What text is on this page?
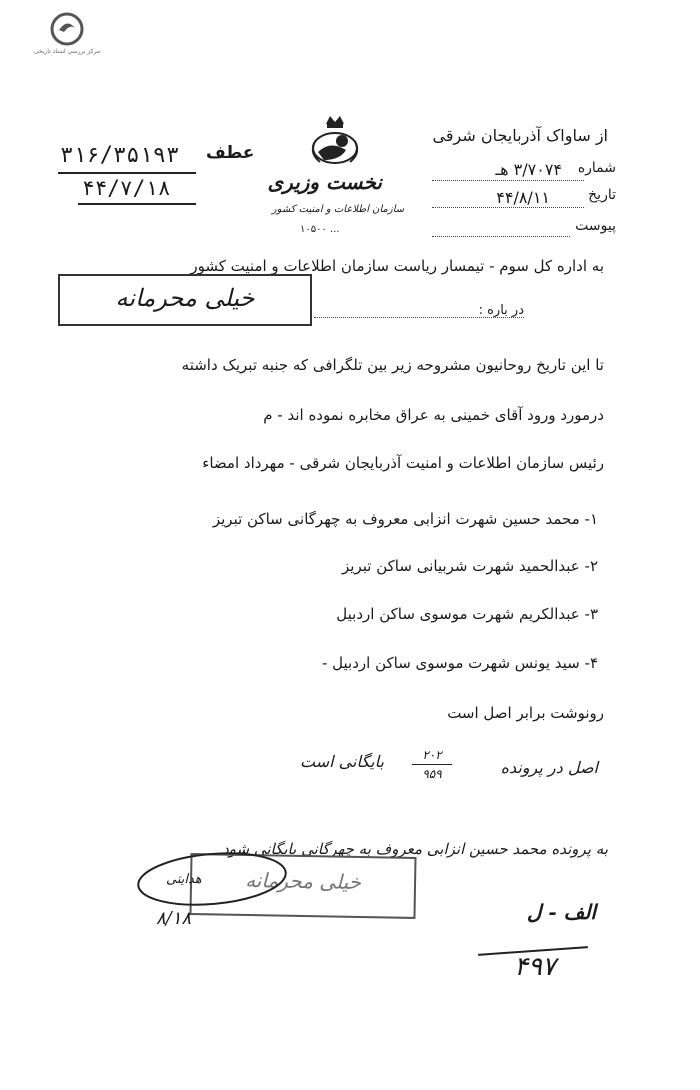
مرکز بررسی اسناد تاریخی
۳۱۶/۳۵۱۹۳ عطف
۴۴/۷/۱۸	نخست وزیری
سازمان اطلاعات و امنیت کشور
۱۰۵۰۰ ...
از ساواک آذربایجان شرقی
شماره
۳/۷۰۷۴ هـ
تاریخ
۴۴/۸/۱۱
پیوست
به اداره کل سوم - تیمسار ریاست سازمان اطلاعات و امنیت کشور
خیلی محرمانه	در باره :
تا این تاریخ روحانیون مشروحه زیر بین تلگرافی که جنبه تبریک داشته
درمورد ورود آقای خمینی به عراق مخابره نموده اند - م
رئیس سازمان اطلاعات و امنیت آذربایجان شرقی - مهرداد امضاء
۱- محمد حسین شهرت انزابی معروف به چهرگانی ساکن تبریز
۲- عبدالحمید شهرت شربیانی ساکن تبریز
۳- عبدالکریم شهرت موسوی ساکن اردبیل
۴- سید یونس شهرت موسوی ساکن اردبیل -
رونوشت برابر اصل است
اصل در پرونده
۲۰۲
۹۵۹
بایگانی است
به پرونده محمد حسین انزابی معروف به چهرگانی بایگانی شود
خیلی محرمانه
هدایتی
۸/۱۸	الف - ل
۴۹۷
